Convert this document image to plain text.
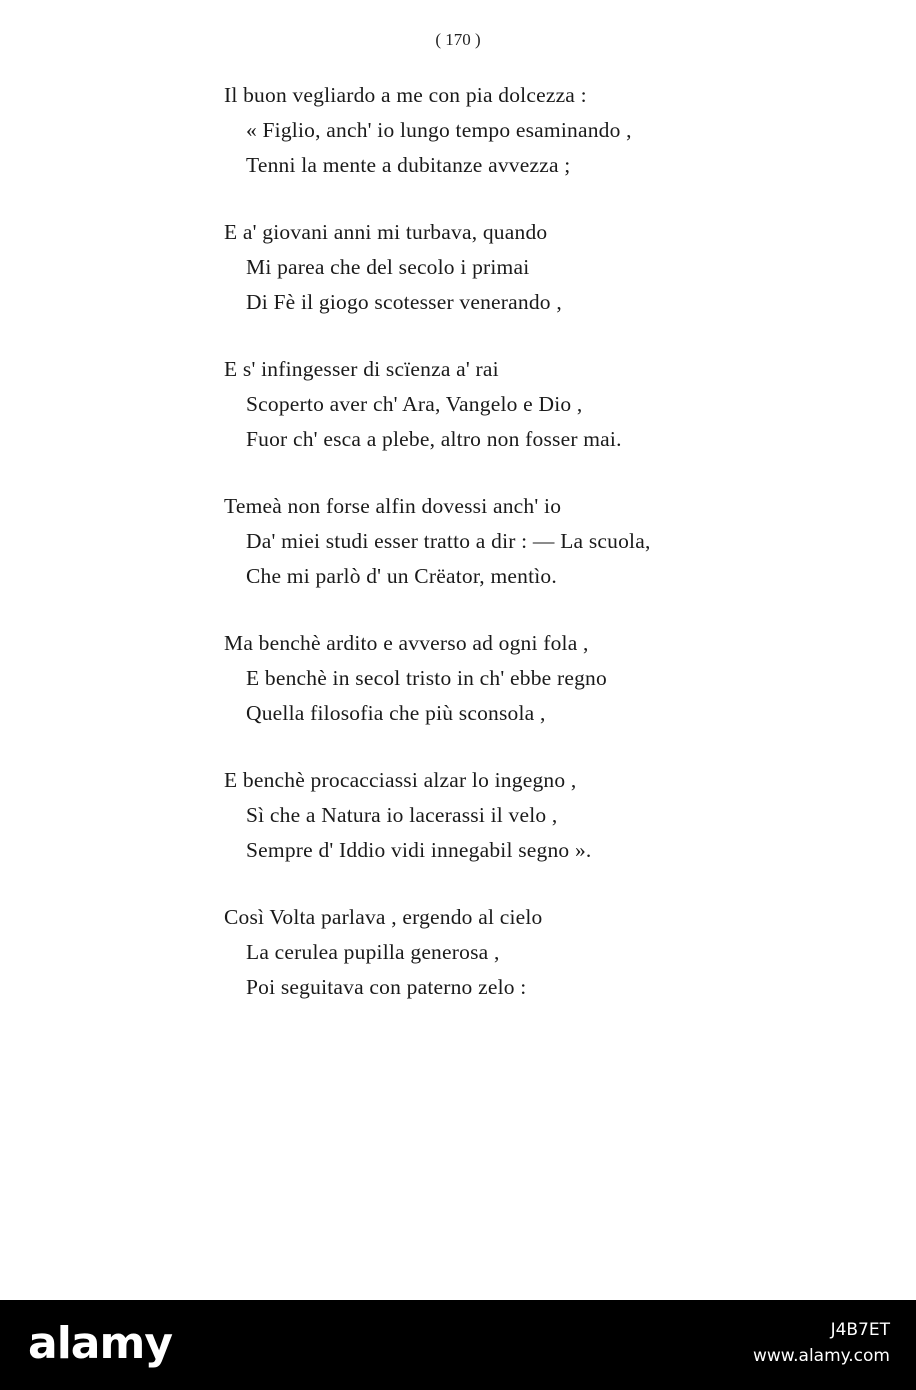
( 170 )
Il buon vegliardo a me con pia dolcezza :
« Figlio, anch' io lungo tempo esaminando ,
Tenni la mente a dubitanze avvezza ;
E a' giovani anni mi turbava, quando
Mi parea che del secolo i primai
Di Fè il giogo scotesser venerando ,
E s' infingesser di scïenza a' rai
Scoperto aver ch' Ara, Vangelo e Dio ,
Fuor ch' esca a plebe, altro non fosser mai.
Temeà non forse alfin dovessi anch' io
Da' miei studi esser tratto a dir : — La scuola,
Che mi parlò d' un Crëator, mentìo.
Ma benchè ardito e avverso ad ogni fola ,
E benchè in secol tristo in ch' ebbe regno
Quella filosofia che più sconsola ,
E benchè procacciassi alzar lo ingegno ,
Sì che a Natura io lacerassi il velo ,
Sempre d' Iddio vidi innegabil segno ».
Così Volta parlava , ergendo al cielo
La cerulea pupilla generosa ,
Poi seguitava con paterno zelo :
alamy	J4B7ET
www.alamy.com
